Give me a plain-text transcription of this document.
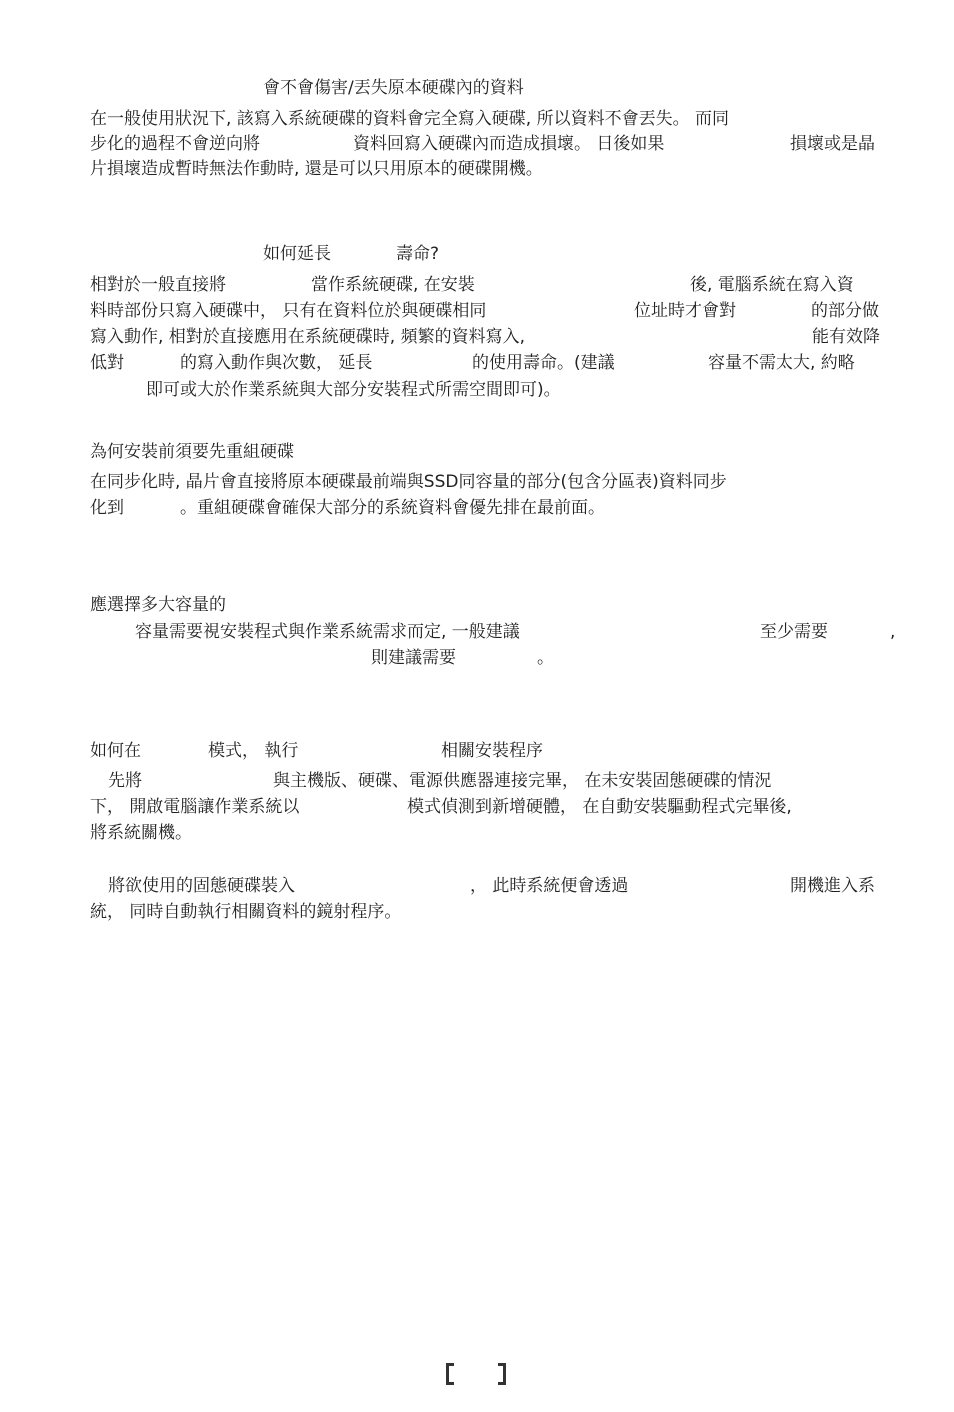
會不會傷害/丟失原本硬碟內的資料
在一般使用狀況下, 該寫入系統硬碟的資料會完全寫入硬碟, 所以資料不會丟失。 而同
步化的過程不會逆向將	資料回寫入硬碟內而造成損壞。 日後如果	損壞或是晶
片損壞造成暫時無法作動時, 還是可以只用原本的硬碟開機。
如何延長	壽命?
相對於一般直接將	當作系統硬碟, 在安裝	後, 電腦系統在寫入資
料時部份只寫入硬碟中， 只有在資料位於與硬碟相同	位址時才會對	的部分做
寫入動作, 相對於直接應用在系統硬碟時, 頻繁的資料寫入,	能有效降
低對	的寫入動作與次數， 延長	的使用壽命。(建議	容量不需太大, 約略
即可或大於作業系統與大部分安裝程式所需空間即可)。
為何安裝前須要先重組硬碟
在同步化時, 晶片會直接將原本硬碟最前端與SSD同容量的部分(包含分區表)資料同步
化到	。重組硬碟會確保大部分的系統資料會優先排在最前面。
應選擇多大容量的
容量需要視安裝程式與作業系統需求而定, 一般建議	至少需要	,
則建議需要	。
如何在	模式， 執行	相關安裝程序
先將	與主機版、硬碟、電源供應器連接完畢， 在未安裝固態硬碟的情況
下， 開啟電腦讓作業系統以	模式偵測到新增硬體， 在自動安裝驅動程式完畢後,
將系統關機。
將欲使用的固態硬碟裝入	， 此時系統便會透過	開機進入系
統， 同時自動執行相關資料的鏡射程序。
